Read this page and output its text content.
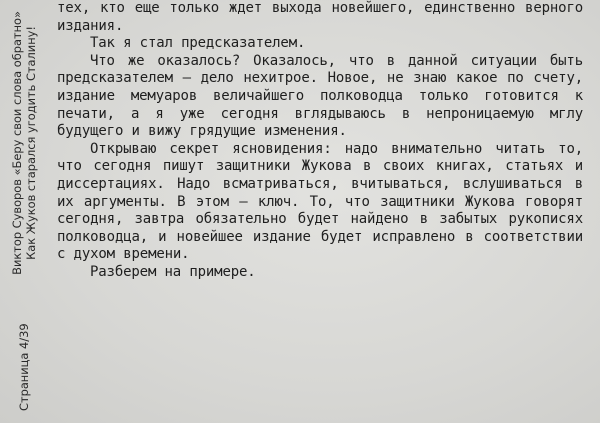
Страница 4/39
Виктор Суворов «Беру свои слова обратно» Как Жуков старался угодить Сталину!

тех, кто еще только ждет выхода новейшего, единственно верного издания.

Так я стал предсказателем.

Что же оказалось? Оказалось, что в данной ситуации быть предсказателем – дело нехитрое. Новое, не знаю какое по счету, издание мемуаров величайшего полководца только готовится к печати, а я уже сегодня вглядываюсь в непроницаемую мглу будущего и вижу грядущие изменения.

Открываю секрет ясновидения: надо внимательно читать то, что сегодня пишут защитники Жукова в своих книгах, статьях и диссертациях. Надо всматриваться, вчитываться, вслушиваться в их аргументы. В этом – ключ. То, что защитники Жукова говорят сегодня, завтра обязательно будет найдено в забытых рукописях полководца, и новейшее издание будет исправлено в соответствии с духом времени.

Разберем на примере.
